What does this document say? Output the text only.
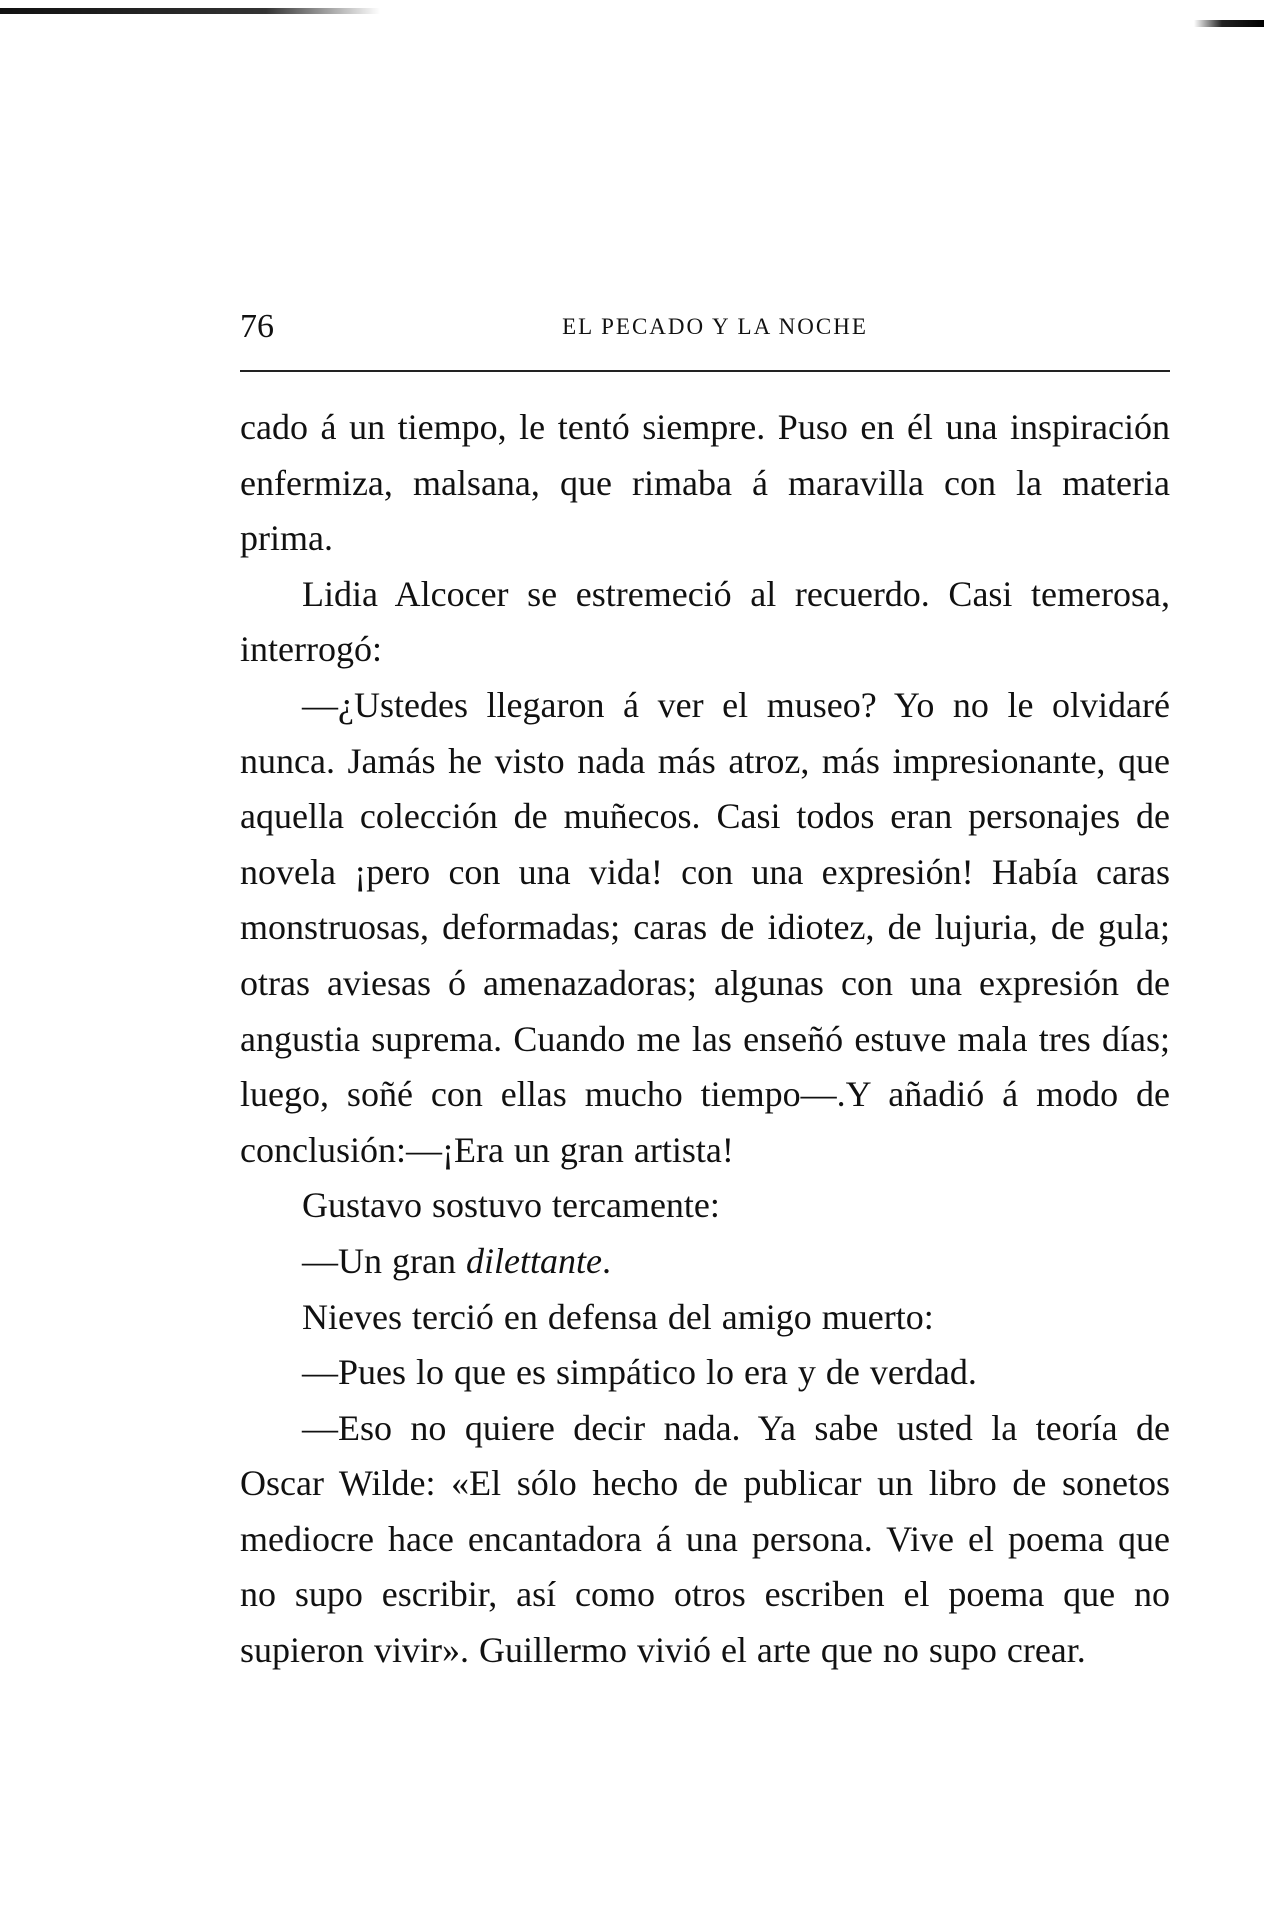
76	EL PECADO Y LA NOCHE

cado á un tiempo, le tentó siempre. Puso en él una inspiración enfermiza, malsana, que rimaba á maravilla con la materia prima.

Lidia Alcocer se estremeció al recuerdo. Casi temerosa, interrogó:

—¿Ustedes llegaron á ver el museo? Yo no le olvidaré nunca. Jamás he visto nada más atroz, más impresionante, que aquella colección de muñecos. Casi todos eran personajes de novela ¡pero con una vida! con una expresión! Había caras monstruosas, deformadas; caras de idiotez, de lujuria, de gula; otras aviesas ó amenazadoras; algunas con una expresión de angustia suprema. Cuando me las enseñó estuve mala tres días; luego, soñé con ellas mucho tiempo—.Y añadió á modo de conclusión:—¡Era un gran artista!

Gustavo sostuvo tercamente:

—Un gran dilettante.

Nieves terció en defensa del amigo muerto:

—Pues lo que es simpático lo era y de verdad.

—Eso no quiere decir nada. Ya sabe usted la teoría de Oscar Wilde: «El sólo hecho de publicar un libro de sonetos mediocre hace encantadora á una persona. Vive el poema que no supo escribir, así como otros escriben el poema que no supieron vivir». Guillermo vivió el arte que no supo crear.
